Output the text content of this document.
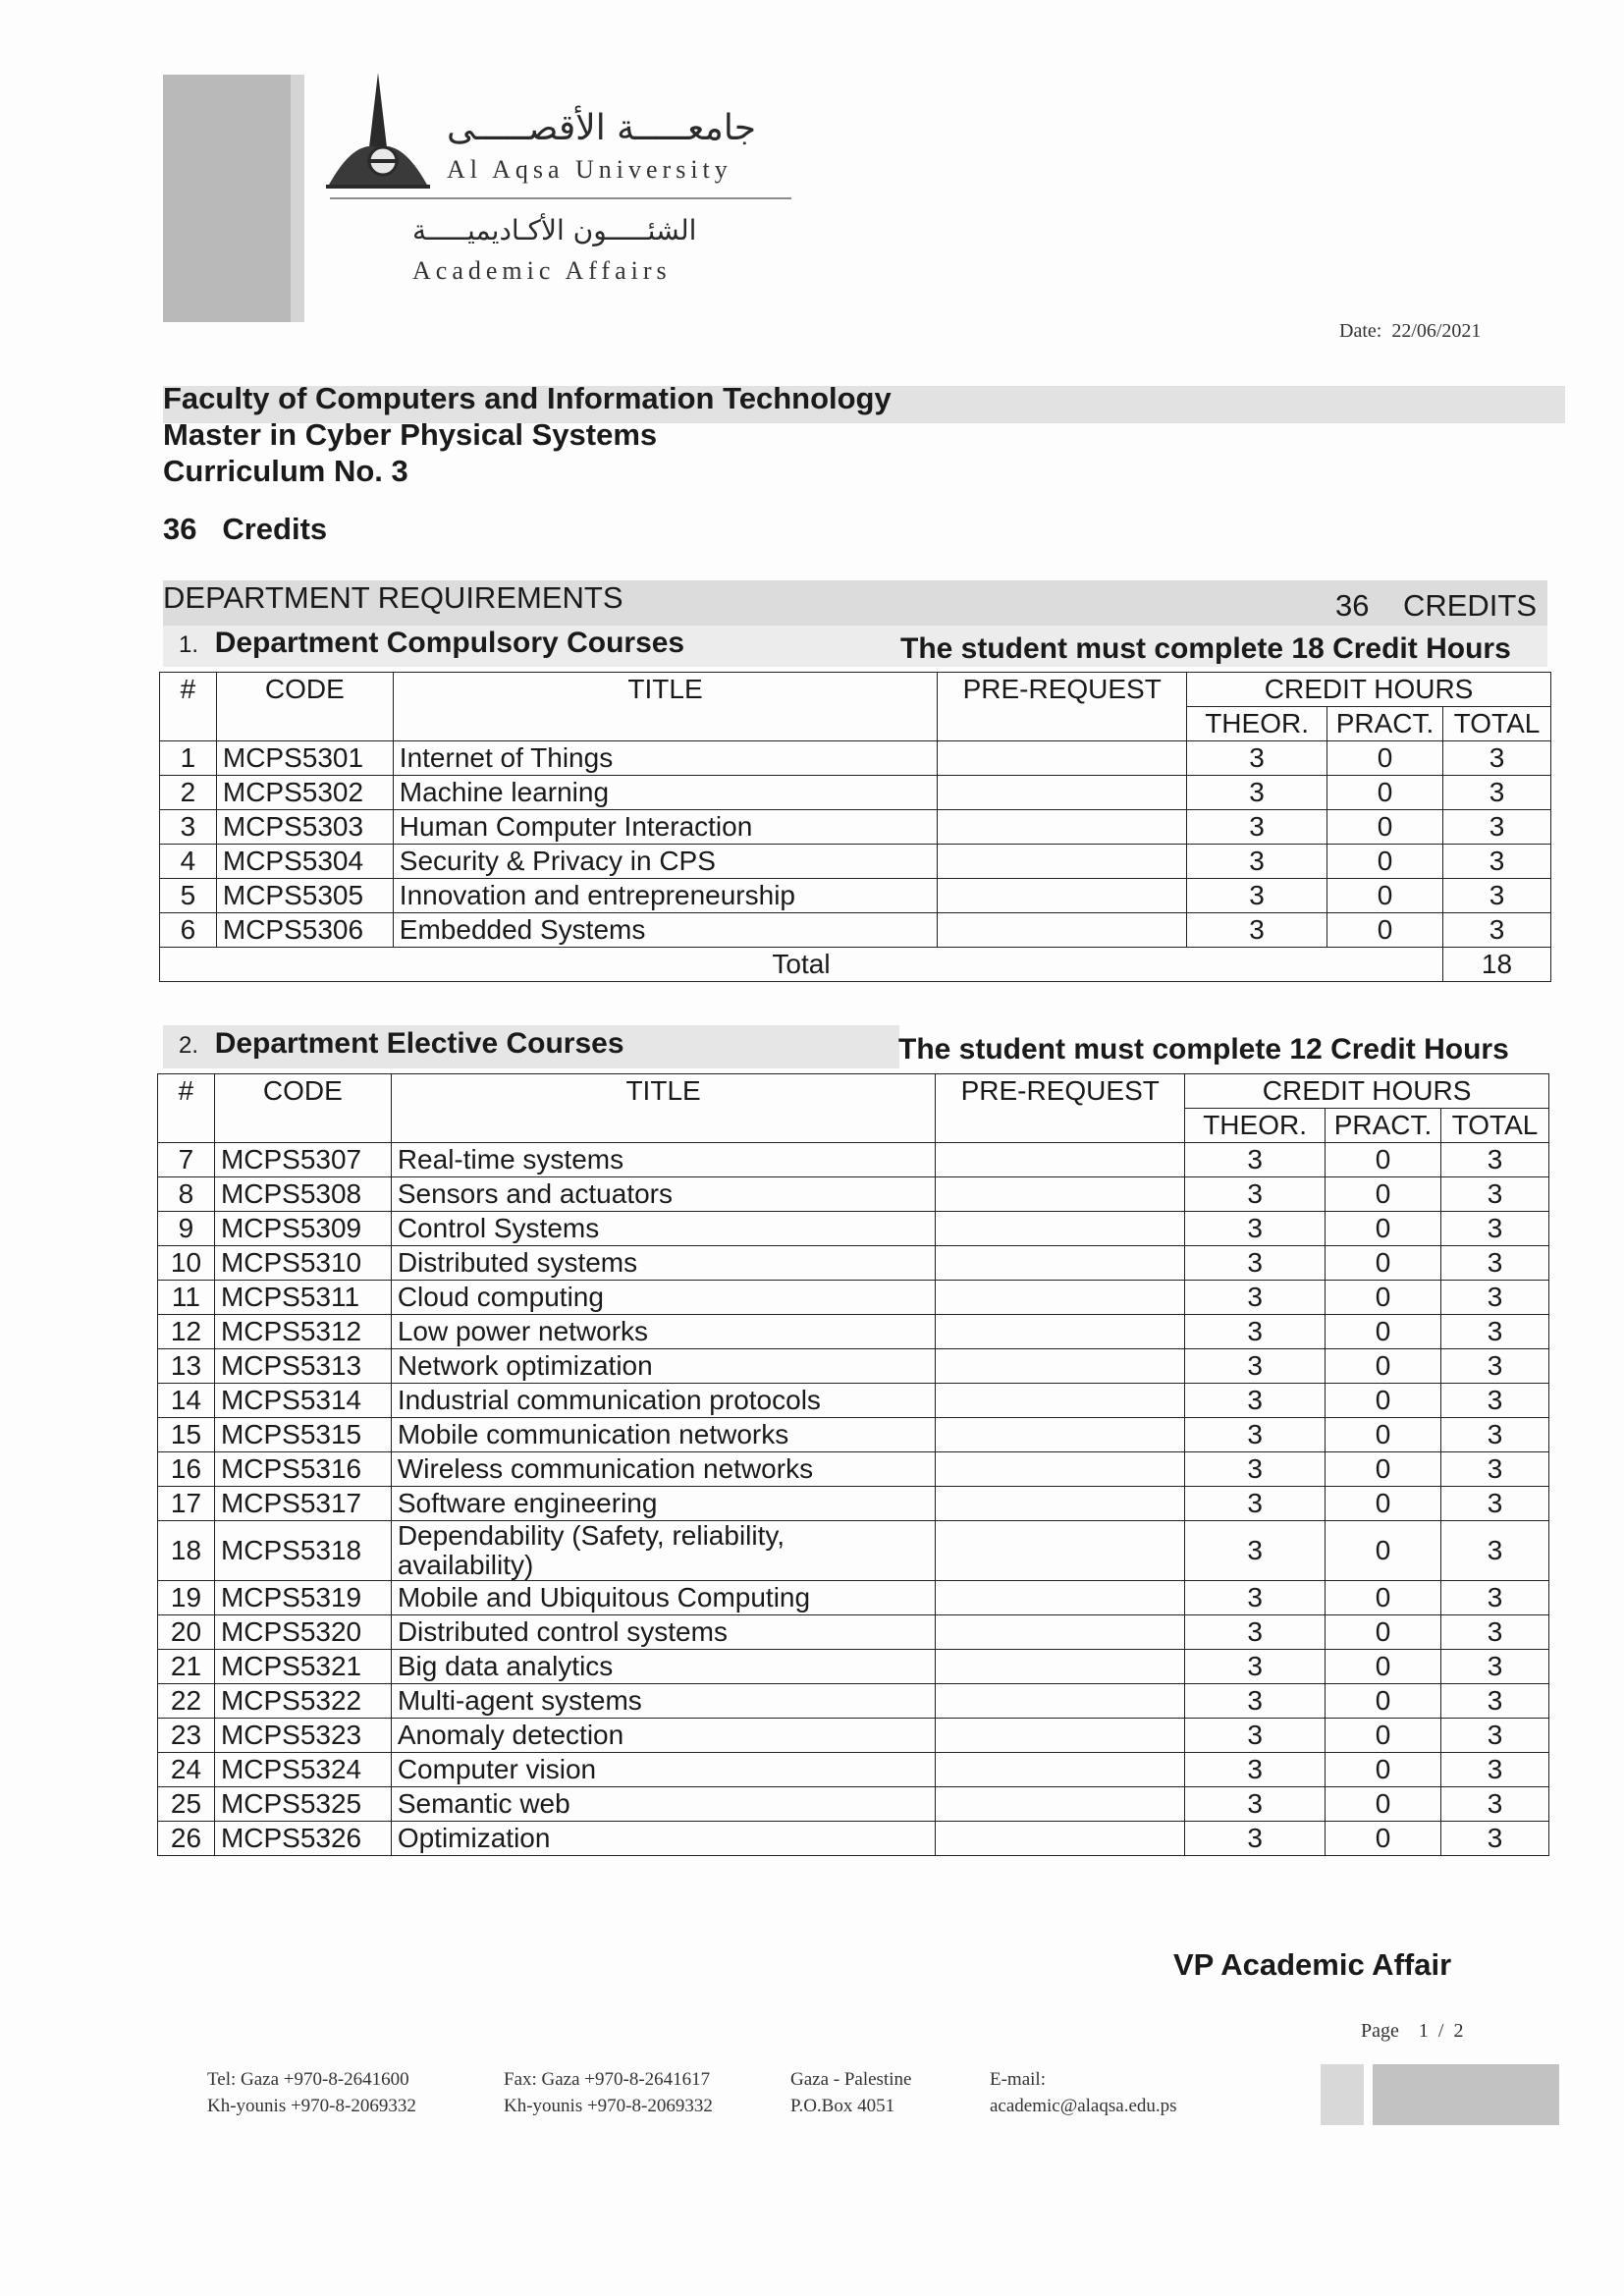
جامعـــــة الأقصـــــى
Al Aqsa University
الشئـــــون الأكـاديميـــــة
Academic Affairs
Date: 22/06/2021
Faculty of Computers and Information Technology
Master in Cyber Physical Systems
Curriculum No. 3
36 Credits
DEPARTMENT REQUIREMENTS	36 CREDITS
1. Department Compulsory Courses	The student must complete 18 Credit Hours
#	CODE	TITLE	PRE-REQUEST	CREDIT HOURS		
				THEOR.	PRACT.	TOTAL
1	MCPS5301	Internet of Things		3	0	3
2	MCPS5302	Machine learning		3	0	3
3	MCPS5303	Human Computer Interaction		3	0	3
4	MCPS5304	Security & Privacy in CPS		3	0	3
5	MCPS5305	Innovation and entrepreneurship		3	0	3
6	MCPS5306	Embedded Systems		3	0	3
Total						18
2. Department Elective Courses	The student must complete 12 Credit Hours
#	CODE	TITLE	PRE-REQUEST	CREDIT HOURS		
				THEOR.	PRACT.	TOTAL
7	MCPS5307	Real-time systems		3	0	3
8	MCPS5308	Sensors and actuators		3	0	3
9	MCPS5309	Control Systems		3	0	3
10	MCPS5310	Distributed systems		3	0	3
11	MCPS5311	Cloud computing		3	0	3
12	MCPS5312	Low power networks		3	0	3
13	MCPS5313	Network optimization		3	0	3
14	MCPS5314	Industrial communication protocols		3	0	3
15	MCPS5315	Mobile communication networks		3	0	3
16	MCPS5316	Wireless communication networks		3	0	3
17	MCPS5317	Software engineering		3	0	3
18	MCPS5318	Dependability (Safety, reliability,
availability)		3	0	3
19	MCPS5319	Mobile and Ubiquitous Computing		3	0	3
20	MCPS5320	Distributed control systems		3	0	3
21	MCPS5321	Big data analytics		3	0	3
22	MCPS5322	Multi-agent systems		3	0	3
23	MCPS5323	Anomaly detection		3	0	3
24	MCPS5324	Computer vision		3	0	3
25	MCPS5325	Semantic web		3	0	3
26	MCPS5326	Optimization		3	0	3
VP Academic Affair
Page 1 / 2
Tel: Gaza +970-8-2641600
Kh-younis +970-8-2069332
Fax: Gaza +970-8-2641617
Kh-younis +970-8-2069332
Gaza - Palestine
P.O.Box 4051
E-mail:
academic@alaqsa.edu.ps
